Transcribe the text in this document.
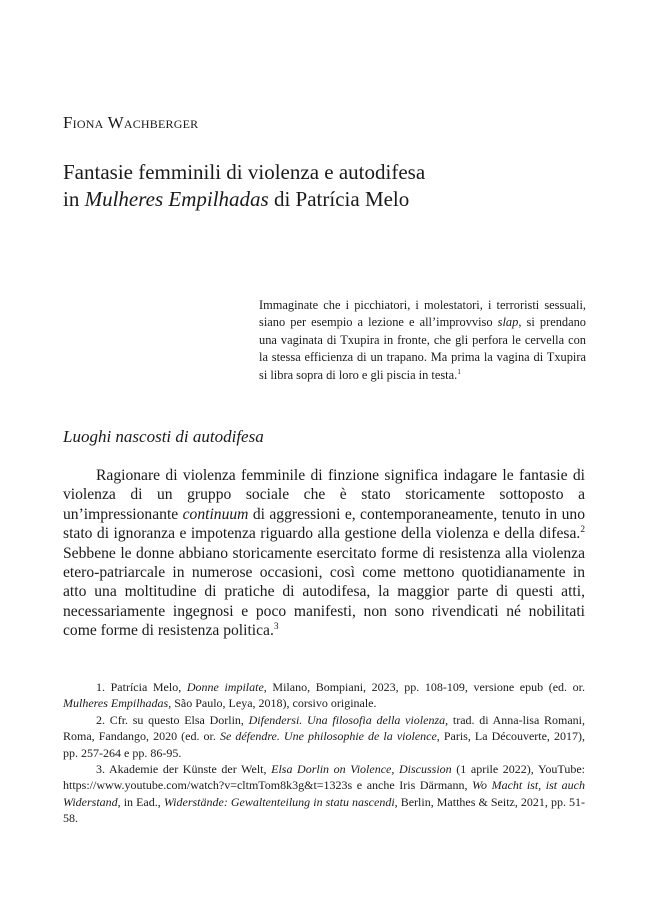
Fiona Wachberger
Fantasie femminili di violenza e autodifesa
in Mulheres Empilhadas di Patrícia Melo
Immaginate che i picchiatori, i molestatori, i terroristi sessuali, siano per esempio a lezione e all’improvviso slap, si prendano una vaginata di Txupira in fronte, che gli perfora le cervella con la stessa efficienza di un trapano. Ma prima la vagina di Txupira si libra sopra di loro e gli piscia in testa.$^1$
Luoghi nascosti di autodifesa

Ragionare di violenza femminile di finzione significa indagare le fantasie di violenza di un gruppo sociale che è stato storicamente sottoposto a un’impressionante continuum di aggressioni e, contemporaneamente, tenuto in uno stato di ignoranza e impotenza riguardo alla gestione della violenza e della difesa.$^2$ Sebbene le donne abbiano storicamente esercitato forme di resistenza alla violenza etero-patriarcale in numerose occasioni, così come mettono quotidianamente in atto una moltitudine di pratiche di autodifesa, la maggior parte di questi atti, necessariamente ingegnosi e poco manifesti, non sono rivendicati né nobilitati come forme di resistenza politica.$^3$

1. Patrícia Melo, Donne impilate, Milano, Bompiani, 2023, pp. 108-109, versione epub (ed. or. Mulheres Empilhadas, São Paulo, Leya, 2018), corsivo originale.

2. Cfr. su questo Elsa Dorlin, Difendersi. Una filosofia della violenza, trad. di Anna-lisa Romani, Roma, Fandango, 2020 (ed. or. Se défendre. Une philosophie de la violence, Paris, La Découverte, 2017), pp. 257-264 e pp. 86-95.

3. Akademie der Künste der Welt, Elsa Dorlin on Violence, Discussion (1 aprile 2022), YouTube: https://www.youtube.com/watch?v=cltmTom8k3g&t=1323s e anche Iris Därmann, Wo Macht ist, ist auch Widerstand, in Ead., Widerstände: Gewaltenteilung in statu nascendi, Berlin, Matthes & Seitz, 2021, pp. 51-58.
